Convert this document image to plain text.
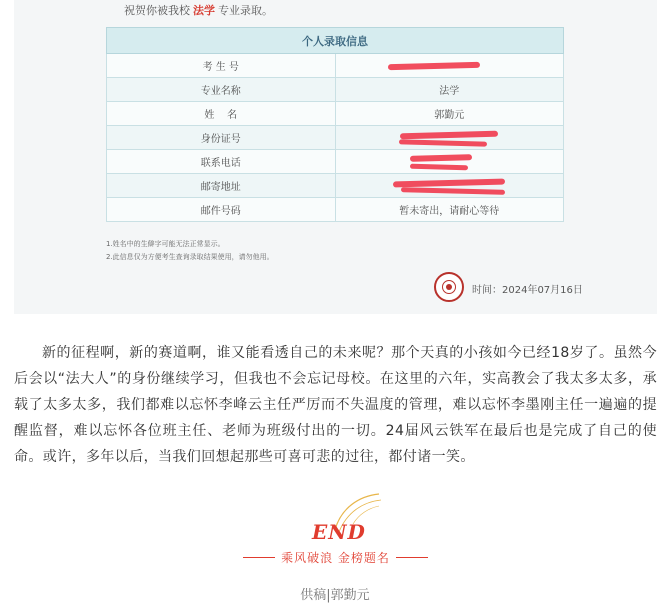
祝贺你被我校 法学 专业录取。
个人录取信息	
考 生 号	

专业名称	法学
姓    名	郭勤元
身份证号	

联系电话	

邮寄地址	

邮件号码	暂未寄出，请耐心等待
1.姓名中的生僻字可能无法正常显示。
2.此信息仅为方便考生查询录取结果使用，请勿他用。
时间：2024年07月16日

新的征程啊，新的赛道啊，谁又能看透自己的未来呢？那个天真的小孩如今已经18岁了。虽然今后会以“法大人”的身份继续学习，但我也不会忘记母校。在这里的六年，实高教会了我太多太多，承载了太多太多，我们都难以忘怀李峰云主任严厉而不失温度的管理，难以忘怀李墨刚主任一遍遍的提醒监督，难以忘怀各位班主任、老师为班级付出的一切。24届风云铁军在最后也是完成了自己的使命。或许，多年以后，当我们回想起那些可喜可悲的过往，都付诸一笑。

END
乘风破浪 金榜题名
供稿|郭勤元
